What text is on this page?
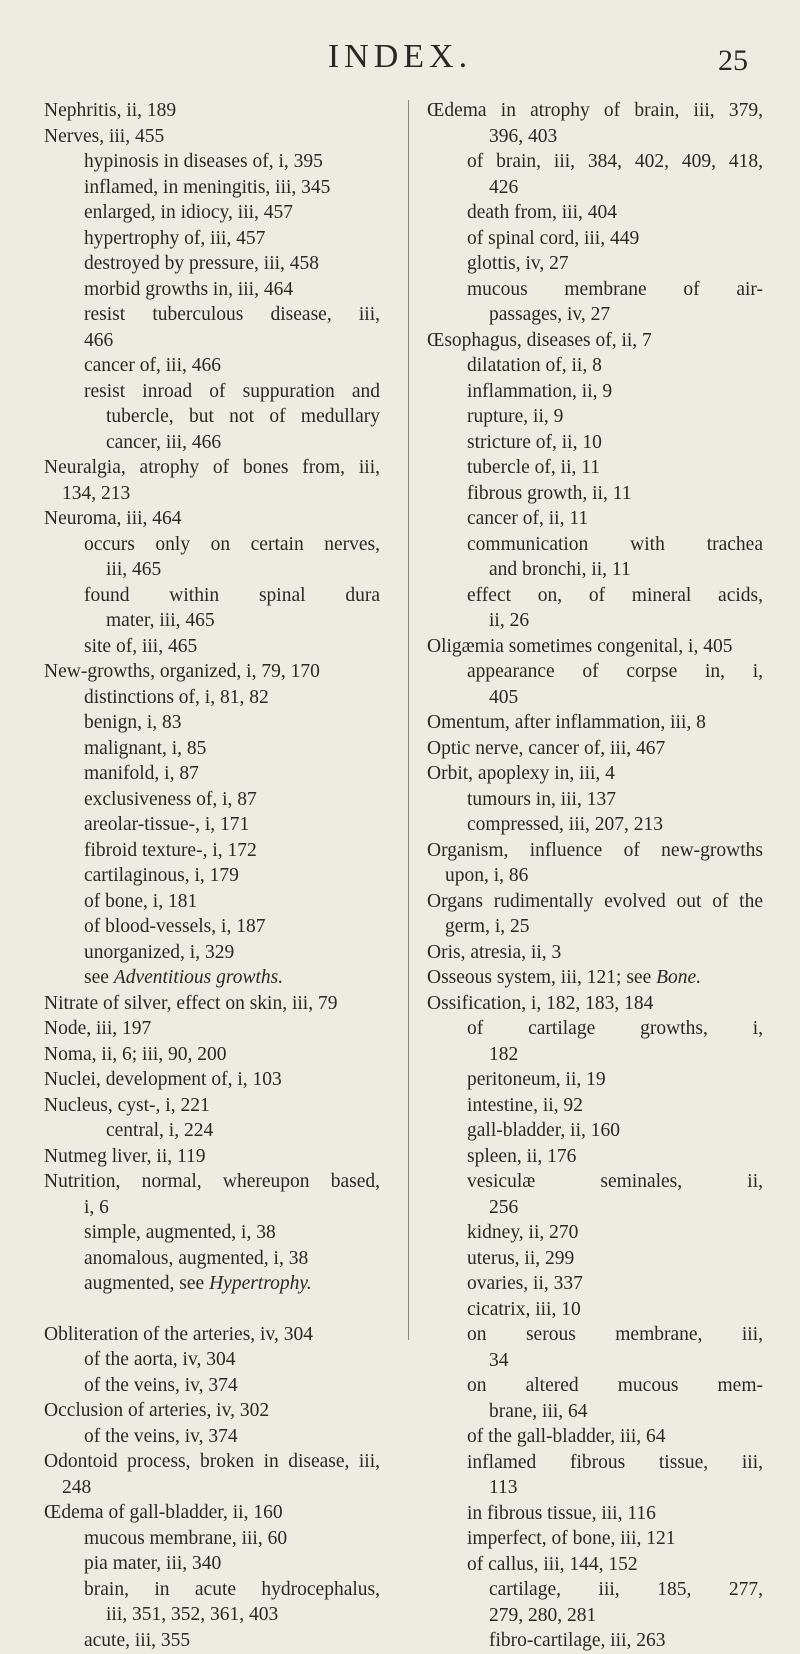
INDEX.	25
Nephritis, ii, 189
Nerves, iii, 455
hypinosis in diseases of, i, 395
inflamed, in meningitis, iii, 345
enlarged, in idiocy, iii, 457
hypertrophy of, iii, 457
destroyed by pressure, iii, 458
morbid growths in, iii, 464
resist tuberculous disease, iii,
466
cancer of, iii, 466
resist inroad of suppuration and
tubercle, but not of medullary
cancer, iii, 466
Neuralgia, atrophy of bones from, iii,
134, 213
Neuroma, iii, 464
occurs only on certain nerves,
iii, 465
found within spinal dura
mater, iii, 465
site of, iii, 465
New-growths, organized, i, 79, 170
distinctions of, i, 81, 82
benign, i, 83
malignant, i, 85
manifold, i, 87
exclusiveness of, i, 87
areolar-tissue-, i, 171
fibroid texture-, i, 172
cartilaginous, i, 179
of bone, i, 181
of blood-vessels, i, 187
unorganized, i, 329
see Adventitious growths.
Nitrate of silver, effect on skin, iii, 79
Node, iii, 197
Noma, ii, 6; iii, 90, 200
Nuclei, development of, i, 103
Nucleus, cyst-, i, 221
central, i, 224
Nutmeg liver, ii, 119
Nutrition, normal, whereupon based,
i, 6
simple, augmented, i, 38
anomalous, augmented, i, 38
augmented, see Hypertrophy.
Obliteration of the arteries, iv, 304
of the aorta, iv, 304
of the veins, iv, 374
Occlusion of arteries, iv, 302
of the veins, iv, 374
Odontoid process, broken in disease, iii,
248
Œdema of gall-bladder, ii, 160
mucous membrane, iii, 60
pia mater, iii, 340
brain, in acute hydrocephalus,
iii, 351, 352, 361, 403
acute, iii, 355
Œdema in atrophy of brain, iii, 379,
396, 403
of brain, iii, 384, 402, 409, 418,
426
death from, iii, 404
of spinal cord, iii, 449
glottis, iv, 27
mucous membrane of air-
passages, iv, 27
Œsophagus, diseases of, ii, 7
dilatation of, ii, 8
inflammation, ii, 9
rupture, ii, 9
stricture of, ii, 10
tubercle of, ii, 11
fibrous growth, ii, 11
cancer of, ii, 11
communication with trachea
and bronchi, ii, 11
effect on, of mineral acids,
ii, 26
Oligæmia sometimes congenital, i, 405
appearance of corpse in, i,
405
Omentum, after inflammation, iii, 8
Optic nerve, cancer of, iii, 467
Orbit, apoplexy in, iii, 4
tumours in, iii, 137
compressed, iii, 207, 213
Organism, influence of new-growths
upon, i, 86
Organs rudimentally evolved out of the
germ, i, 25
Oris, atresia, ii, 3
Osseous system, iii, 121; see Bone.
Ossification, i, 182, 183, 184
of cartilage growths, i,
182
peritoneum, ii, 19
intestine, ii, 92
gall-bladder, ii, 160
spleen, ii, 176
vesiculæ seminales, ii,
256
kidney, ii, 270
uterus, ii, 299
ovaries, ii, 337
cicatrix, iii, 10
on serous membrane, iii,
34
on altered mucous mem-
brane, iii, 64
of the gall-bladder, iii, 64
inflamed fibrous tissue, iii,
113
in fibrous tissue, iii, 116
imperfect, of bone, iii, 121
of callus, iii, 144, 152
cartilage, iii, 185, 277,
279, 280, 281
fibro-cartilage, iii, 263
